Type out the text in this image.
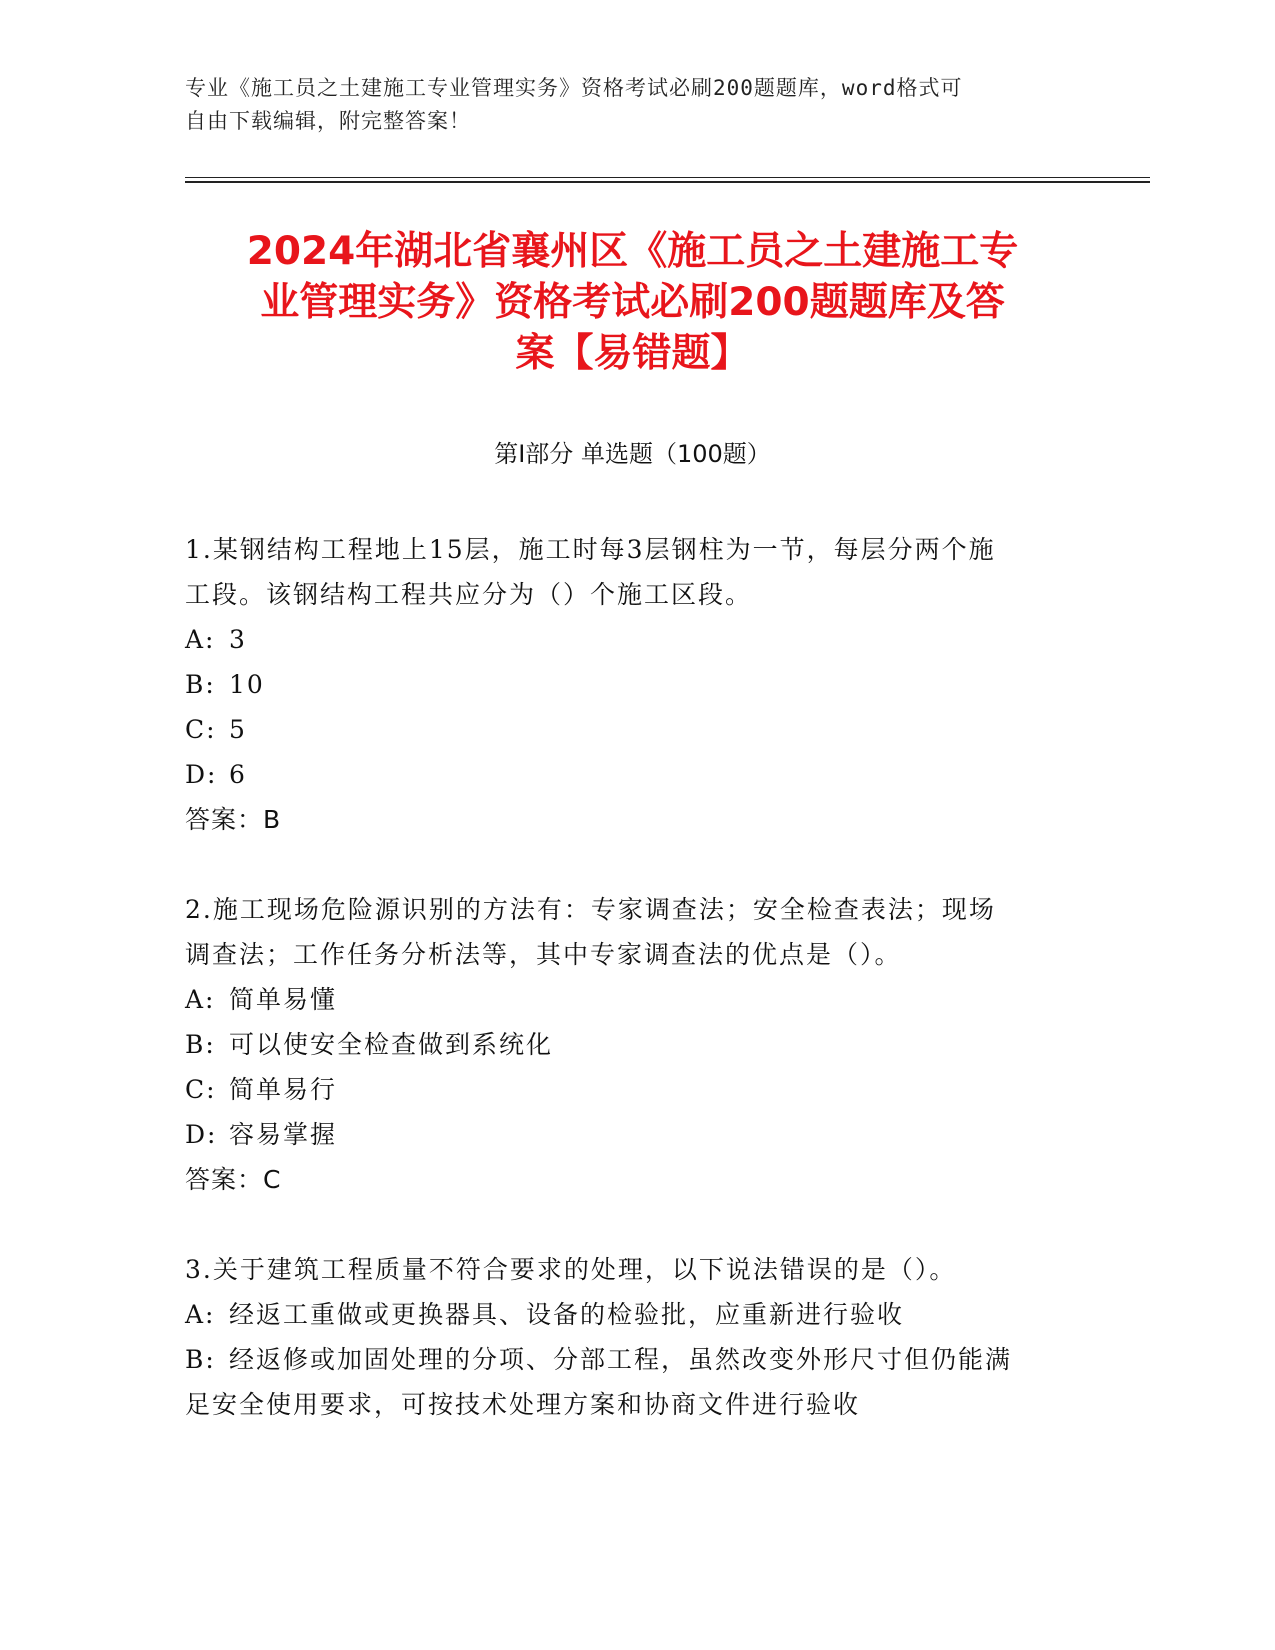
专业《施工员之土建施工专业管理实务》资格考试必刷200题题库，word格式可
自由下载编辑，附完整答案！
2024年湖北省襄州区《施工员之土建施工专
业管理实务》资格考试必刷200题题库及答
案【易错题】
第Ⅰ部分 单选题（100题）

1.某钢结构工程地上15层，施工时每3层钢柱为一节，每层分两个施

工段。该钢结构工程共应分为（）个施工区段。

A: 3

B: 10

C: 5

D: 6

答案：B

2.施工现场危险源识别的方法有：专家调查法；安全检查表法；现场

调查法；工作任务分析法等，其中专家调查法的优点是（）。

A: 简单易懂

B: 可以使安全检查做到系统化

C: 简单易行

D: 容易掌握

答案：C

3.关于建筑工程质量不符合要求的处理，以下说法错误的是（）。

A: 经返工重做或更换器具、设备的检验批，应重新进行验收

B: 经返修或加固处理的分项、分部工程，虽然改变外形尺寸但仍能满

足安全使用要求，可按技术处理方案和协商文件进行验收
